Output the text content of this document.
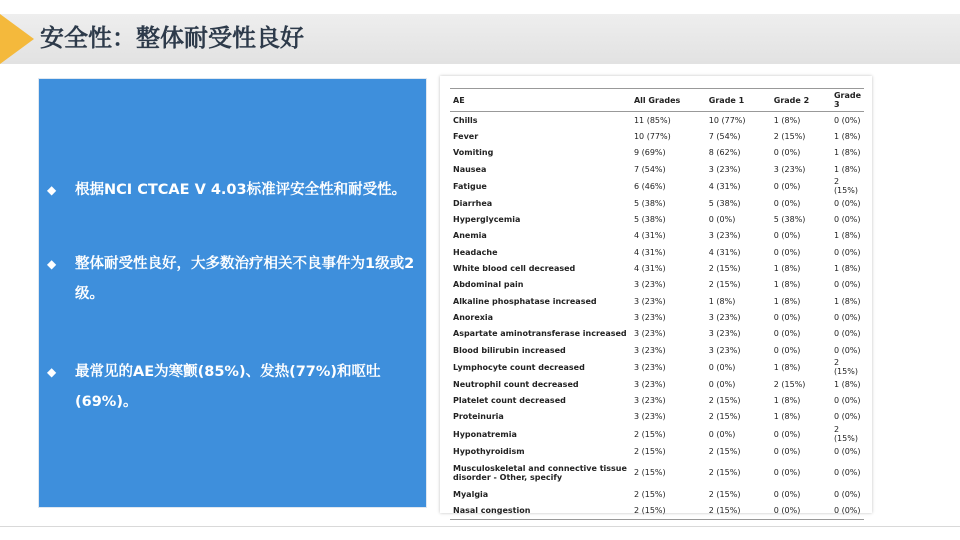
安全性：整体耐受性良好
◆ 根据NCI CTCAE V 4.03标准评安全性和耐受性。
◆ 整体耐受性良好，大多数治疗相关不良事件为1级或2级。
◆ 最常见的AE为寒颤(85%)、发热(77%)和呕吐(69%)。
AE	All Grades	Grade 1	Grade 2	Grade 3
Chills	11 (85%)	10 (77%)	1 (8%)	0 (0%)
Fever	10 (77%)	7 (54%)	2 (15%)	1 (8%)
Vomiting	9 (69%)	8 (62%)	0 (0%)	1 (8%)
Nausea	7 (54%)	3 (23%)	3 (23%)	1 (8%)
Fatigue	6 (46%)	4 (31%)	0 (0%)	2 (15%)
Diarrhea	5 (38%)	5 (38%)	0 (0%)	0 (0%)
Hyperglycemia	5 (38%)	0 (0%)	5 (38%)	0 (0%)
Anemia	4 (31%)	3 (23%)	0 (0%)	1 (8%)
Headache	4 (31%)	4 (31%)	0 (0%)	0 (0%)
White blood cell decreased	4 (31%)	2 (15%)	1 (8%)	1 (8%)
Abdominal pain	3 (23%)	2 (15%)	1 (8%)	0 (0%)
Alkaline phosphatase increased	3 (23%)	1 (8%)	1 (8%)	1 (8%)
Anorexia	3 (23%)	3 (23%)	0 (0%)	0 (0%)
Aspartate aminotransferase increased	3 (23%)	3 (23%)	0 (0%)	0 (0%)
Blood bilirubin increased	3 (23%)	3 (23%)	0 (0%)	0 (0%)
Lymphocyte count decreased	3 (23%)	0 (0%)	1 (8%)	2 (15%)
Neutrophil count decreased	3 (23%)	0 (0%)	2 (15%)	1 (8%)
Platelet count decreased	3 (23%)	2 (15%)	1 (8%)	0 (0%)
Proteinuria	3 (23%)	2 (15%)	1 (8%)	0 (0%)
Hyponatremia	2 (15%)	0 (0%)	0 (0%)	2 (15%)
Hypothyroidism	2 (15%)	2 (15%)	0 (0%)	0 (0%)
Musculoskeletal and connective tissue disorder - Other, specify	2 (15%)	2 (15%)	0 (0%)	0 (0%)
Myalgia	2 (15%)	2 (15%)	0 (0%)	0 (0%)
Nasal congestion	2 (15%)	2 (15%)	0 (0%)	0 (0%)
